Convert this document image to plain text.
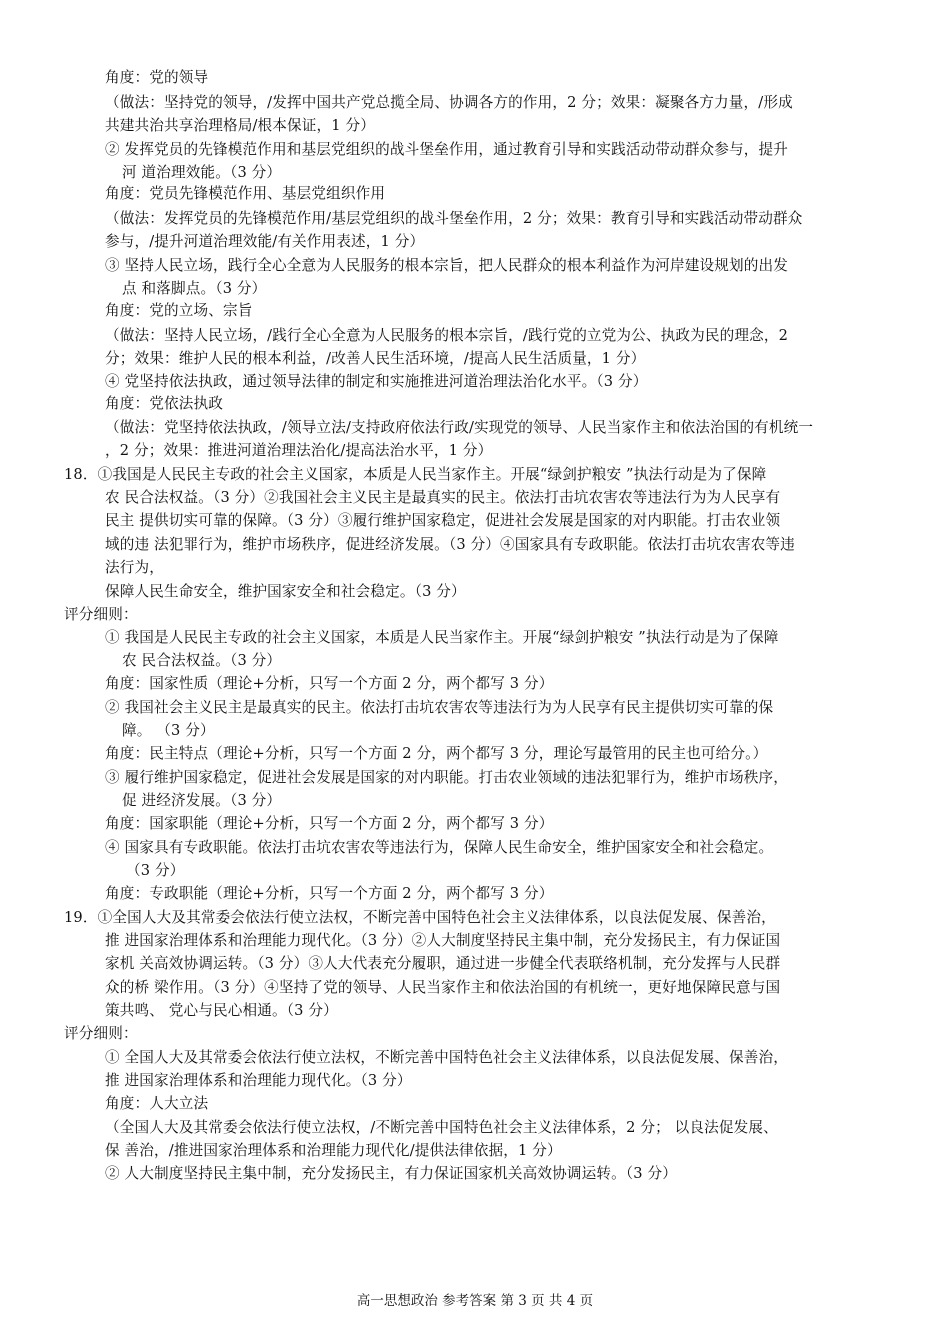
角度：党的领导

（做法：坚持党的领导，/发挥中国共产党总揽全局、协调各方的作用，2 分；效果：凝聚各方力量，/形成

共建共治共享治理格局/根本保证，1 分）

② 发挥党员的先锋模范作用和基层党组织的战斗堡垒作用，通过教育引导和实践活动带动群众参与，提升

河 道治理效能。（3 分）

角度：党员先锋模范作用、基层党组织作用

（做法：发挥党员的先锋模范作用/基层党组织的战斗堡垒作用，2 分；效果：教育引导和实践活动带动群众

参与，/提升河道治理效能/有关作用表述，1 分）

③ 坚持人民立场，践行全心全意为人民服务的根本宗旨，把人民群众的根本利益作为河岸建设规划的出发

点 和落脚点。（3 分）

角度：党的立场、宗旨

（做法：坚持人民立场，/践行全心全意为人民服务的根本宗旨，/践行党的立党为公、执政为民的理念，2

分；效果：维护人民的根本利益，/改善人民生活环境，/提高人民生活质量，1 分）

④ 党坚持依法执政，通过领导法律的制定和实施推进河道治理法治化水平。（3 分）

角度：党依法执政

（做法：党坚持依法执政，/领导立法/支持政府依法行政/实现党的领导、人民当家作主和依法治国的有机统一

，2 分；效果：推进河道治理法治化/提高法治水平，1 分）

18．①我国是人民民主专政的社会主义国家，本质是人民当家作主。开展“绿剑护粮安 ”执法行动是为了保障

农 民合法权益。（3 分）②我国社会主义民主是最真实的民主。依法打击坑农害农等违法行为为人民享有

民主 提供切实可靠的保障。（3 分）③履行维护国家稳定，促进社会发展是国家的对内职能。打击农业领

域的违 法犯罪行为，维护市场秩序，促进经济发展。（3 分）④国家具有专政职能。依法打击坑农害农等违

法行为，

保障人民生命安全，维护国家安全和社会稳定。（3 分）

评分细则：

① 我国是人民民主专政的社会主义国家，本质是人民当家作主。开展“绿剑护粮安 ”执法行动是为了保障

农 民合法权益。（3 分）

角度：国家性质（理论+分析，只写一个方面 2 分，两个都写 3 分）

② 我国社会主义民主是最真实的民主。依法打击坑农害农等违法行为为人民享有民主提供切实可靠的保

障。 （3 分）

角度：民主特点（理论+分析，只写一个方面 2 分，两个都写 3 分，理论写最管用的民主也可给分。）

③ 履行维护国家稳定，促进社会发展是国家的对内职能。打击农业领域的违法犯罪行为，维护市场秩序，

促 进经济发展。（3 分）

角度：国家职能（理论+分析，只写一个方面 2 分，两个都写 3 分）

④ 国家具有专政职能。依法打击坑农害农等违法行为，保障人民生命安全，维护国家安全和社会稳定。

（3 分）

角度：专政职能（理论+分析，只写一个方面 2 分，两个都写 3 分）

19．①全国人大及其常委会依法行使立法权，不断完善中国特色社会主义法律体系，以良法促发展、保善治，

推 进国家治理体系和治理能力现代化。（3 分）②人大制度坚持民主集中制，充分发扬民主，有力保证国

家机 关高效协调运转。（3 分）③人大代表充分履职，通过进一步健全代表联络机制，充分发挥与人民群

众的桥 梁作用。（3 分）④坚持了党的领导、人民当家作主和依法治国的有机统一，更好地保障民意与国

策共鸣、 党心与民心相通。（3 分）

评分细则：

① 全国人大及其常委会依法行使立法权，不断完善中国特色社会主义法律体系，以良法促发展、保善治，

推 进国家治理体系和治理能力现代化。（3 分）

角度：人大立法

（全国人大及其常委会依法行使立法权，/不断完善中国特色社会主义法律体系，2 分； 以良法促发展、

保 善治，/推进国家治理体系和治理能力现代化/提供法律依据，1 分）

② 人大制度坚持民主集中制，充分发扬民主，有力保证国家机关高效协调运转。（3 分）

高一思想政治 参考答案 第 3 页 共 4 页
